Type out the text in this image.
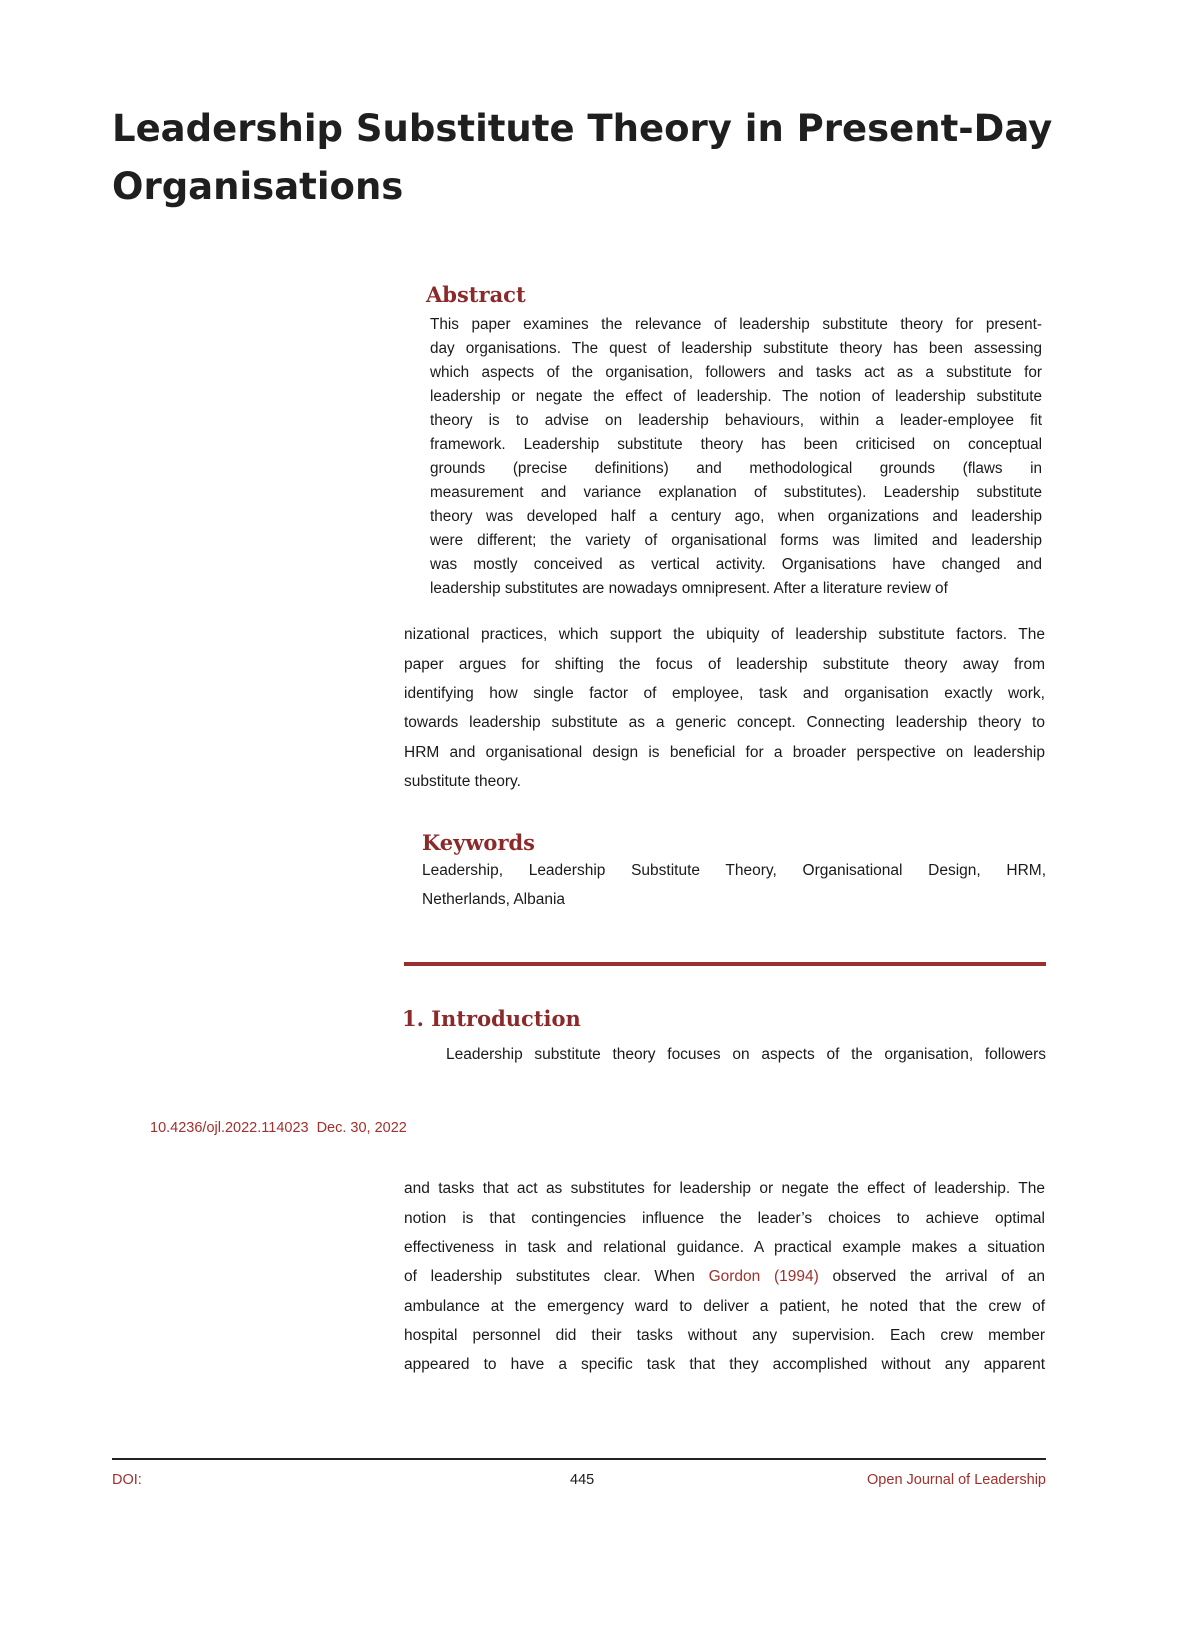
Leadership Substitute Theory in Present-Day
Organisations
Abstract

This paper examines the relevance of leadership substitute theory for present-

day organisations. The quest of leadership substitute theory has been assessing

which aspects of the organisation, followers and tasks act as a substitute for

leadership or negate the effect of leadership. The notion of leadership substitute

theory is to advise on leadership behaviours, within a leader-employee fit

framework. Leadership substitute theory has been criticised on conceptual

grounds (precise definitions) and methodological grounds (flaws in

measurement and variance explanation of substitutes). Leadership substitute

theory was developed half a century ago, when organizations and leadership

were different; the variety of organisational forms was limited and leadership

was mostly conceived as vertical activity. Organisations have changed and

leadership substitutes are nowadays omnipresent. After a literature review of

nizational practices, which support the ubiquity of leadership substitute factors. The

paper argues for shifting the focus of leadership substitute theory away from

identifying how single factor of employee, task and organisation exactly work,

towards leadership substitute as a generic concept. Connecting leadership theory to

HRM and organisational design is beneficial for a broader perspective on leadership

substitute theory.

Keywords

Leadership, Leadership Substitute Theory, Organisational Design, HRM,

Netherlands, Albania

1. Introduction

Leadership substitute theory focuses on aspects of the organisation, followers

10.4236/ojl.2022.114023 Dec. 30, 2022

and tasks that act as substitutes for leadership or negate the effect of leadership. The

notion is that contingencies influence the leader’s choices to achieve optimal

effectiveness in task and relational guidance. A practical example makes a situation

of leadership substitutes clear. When Gordon (1994) observed the arrival of an

ambulance at the emergency ward to deliver a patient, he noted that the crew of

hospital personnel did their tasks without any supervision. Each crew member

appeared to have a specific task that they accomplished without any apparent

DOI:	445	Open Journal of Leadership
